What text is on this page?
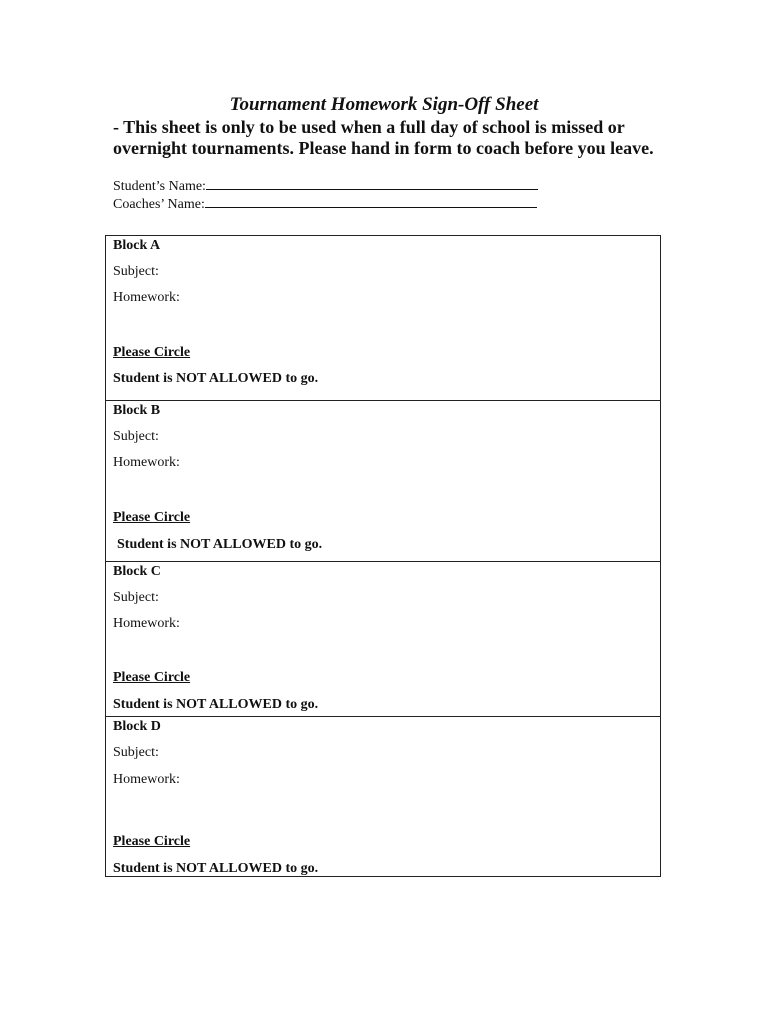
Tournament Homework Sign-Off Sheet
- This sheet is only to be used when a full day of school is missed or
overnight tournaments. Please hand in form to coach before you leave.
Student’s Name:
Coaches’ Name:
Block A
Subject:
Homework:
Please Circle
Student is NOT ALLOWED to go.
Block B
Subject:
Homework:
Please Circle
Student is NOT ALLOWED to go.
Block C
Subject:
Homework:
Please Circle
Student is NOT ALLOWED to go.
Block D
Subject:
Homework:
Please Circle
Student is NOT ALLOWED to go.
